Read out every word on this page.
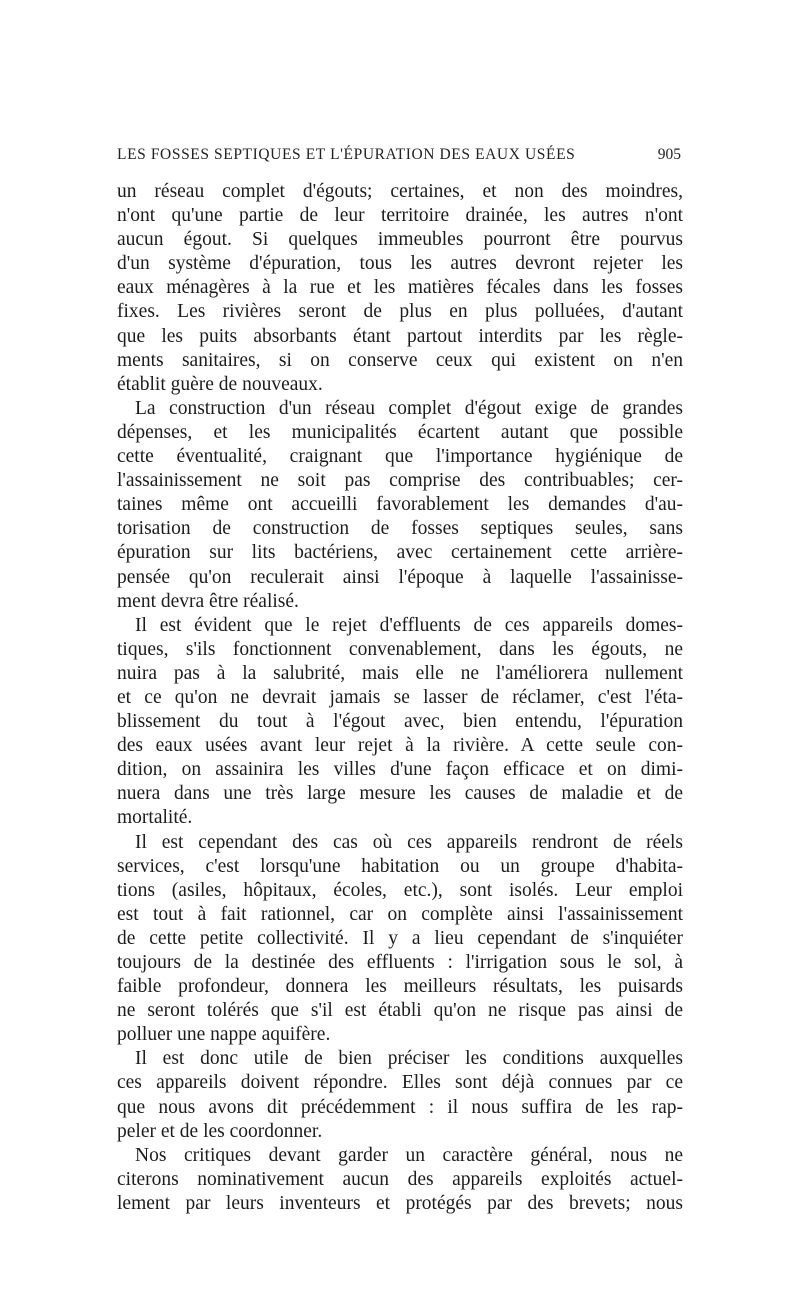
LES FOSSES SEPTIQUES ET L'ÉPURATION DES EAUX USÉES	905
un réseau complet d'égouts; certaines, et non des moindres,
n'ont qu'une partie de leur territoire drainée, les autres n'ont
aucun égout. Si quelques immeubles pourront être pourvus
d'un système d'épuration, tous les autres devront rejeter les
eaux ménagères à la rue et les matières fécales dans les fosses
fixes. Les rivières seront de plus en plus polluées, d'autant
que les puits absorbants étant partout interdits par les règle-
ments sanitaires, si on conserve ceux qui existent on n'en
établit guère de nouveaux.
La construction d'un réseau complet d'égout exige de grandes
dépenses, et les municipalités écartent autant que possible
cette éventualité, craignant que l'importance hygiénique de
l'assainissement ne soit pas comprise des contribuables; cer-
taines même ont accueilli favorablement les demandes d'au-
torisation de construction de fosses septiques seules, sans
épuration sur lits bactériens, avec certainement cette arrière-
pensée qu'on reculerait ainsi l'époque à laquelle l'assainisse-
ment devra être réalisé.
Il est évident que le rejet d'effluents de ces appareils domes-
tiques, s'ils fonctionnent convenablement, dans les égouts, ne
nuira pas à la salubrité, mais elle ne l'améliorera nullement
et ce qu'on ne devrait jamais se lasser de réclamer, c'est l'éta-
blissement du tout à l'égout avec, bien entendu, l'épuration
des eaux usées avant leur rejet à la rivière. A cette seule con-
dition, on assainira les villes d'une façon efficace et on dimi-
nuera dans une très large mesure les causes de maladie et de
mortalité.
Il est cependant des cas où ces appareils rendront de réels
services, c'est lorsqu'une habitation ou un groupe d'habita-
tions (asiles, hôpitaux, écoles, etc.), sont isolés. Leur emploi
est tout à fait rationnel, car on complète ainsi l'assainissement
de cette petite collectivité. Il y a lieu cependant de s'inquiéter
toujours de la destinée des effluents : l'irrigation sous le sol, à
faible profondeur, donnera les meilleurs résultats, les puisards
ne seront tolérés que s'il est établi qu'on ne risque pas ainsi de
polluer une nappe aquifère.
Il est donc utile de bien préciser les conditions auxquelles
ces appareils doivent répondre. Elles sont déjà connues par ce
que nous avons dit précédemment : il nous suffira de les rap-
peler et de les coordonner.
Nos critiques devant garder un caractère général, nous ne
citerons nominativement aucun des appareils exploités actuel-
lement par leurs inventeurs et protégés par des brevets; nous
